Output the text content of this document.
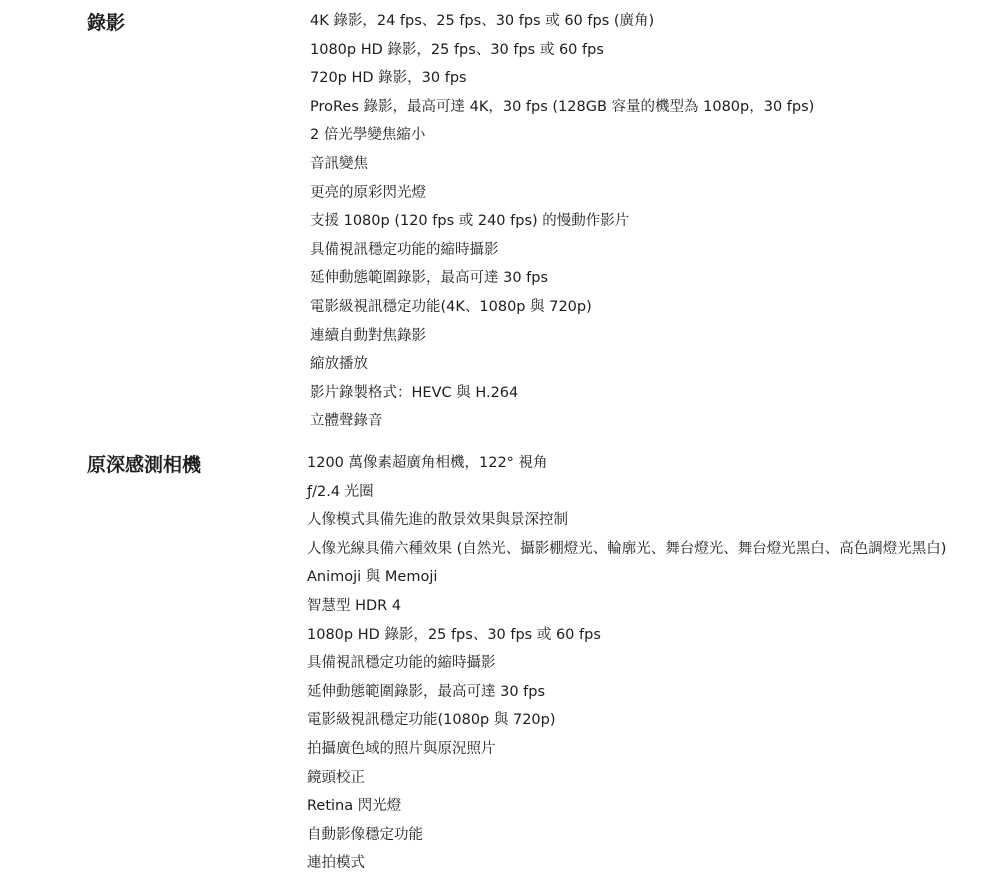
錄影	4K 錄影，24 fps、25 fps、30 fps 或 60 fps (廣角)
1080p HD 錄影，25 fps、30 fps 或 60 fps
720p HD 錄影，30 fps
ProRes 錄影，最高可達 4K，30 fps (128GB 容量的機型為 1080p，30 fps)
2 倍光學變焦縮小
音訊變焦
更亮的原彩閃光燈
支援 1080p (120 fps 或 240 fps) 的慢動作影片
具備視訊穩定功能的縮時攝影
延伸動態範圍錄影，最高可達 30 fps
電影級視訊穩定功能(4K、1080p 與 720p)
連續自動對焦錄影
縮放播放
影片錄製格式：HEVC 與 H.264
立體聲錄音
原深感測相機	1200 萬像素超廣角相機，122° 視角
ƒ/2.4 光圈
人像模式具備先進的散景效果與景深控制
人像光線具備六種效果 (自然光、攝影棚燈光、輪廓光、舞台燈光、舞台燈光黑白、高色調燈光黑白)
Animoji 與 Memoji
智慧型 HDR 4
1080p HD 錄影，25 fps、30 fps 或 60 fps
具備視訊穩定功能的縮時攝影
延伸動態範圍錄影，最高可達 30 fps
電影級視訊穩定功能(1080p 與 720p)
拍攝廣色域的照片與原況照片
鏡頭校正
Retina 閃光燈
自動影像穩定功能
連拍模式
